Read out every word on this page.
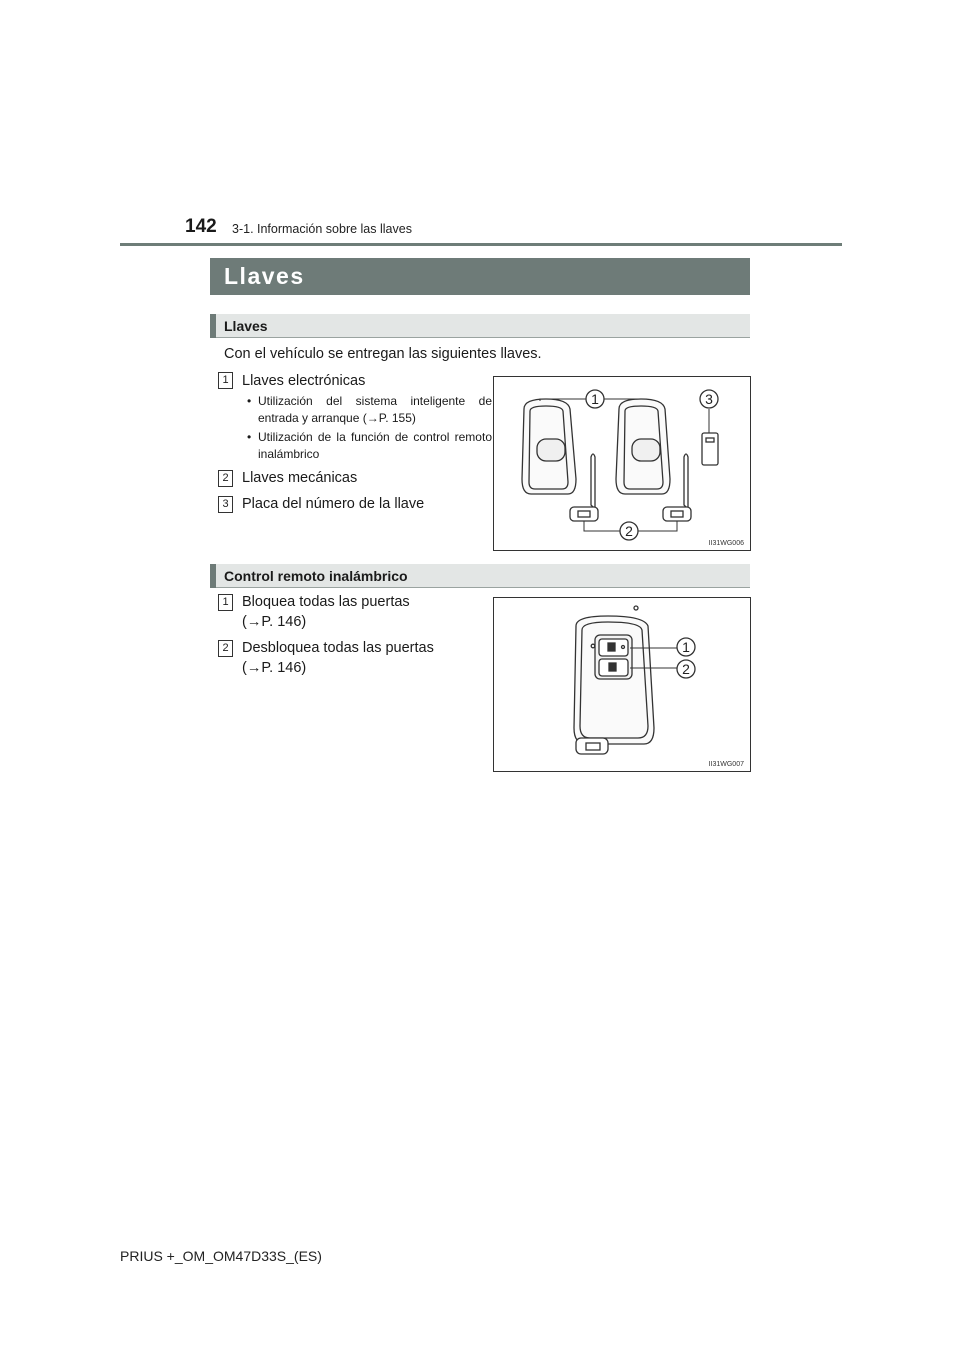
142 3-1. Información sobre las llaves
Llaves
Llaves
Con el vehículo se entregan las siguientes llaves.
1 Llaves electrónicas
• Utilización del sistema inteligente de entrada y arranque (→P. 155)
• Utilización de la función de control remoto inalámbrico
2 Llaves mecánicas
3 Placa del número de la llave
1	3
2
II31WG006
Control remoto inalámbrico
1 Bloquea todas las puertas
(→P. 146)
2 Desbloquea todas las puertas
(→P. 146)
1
2
II31WG007
PRIUS +_OM_OM47D33S_(ES)
